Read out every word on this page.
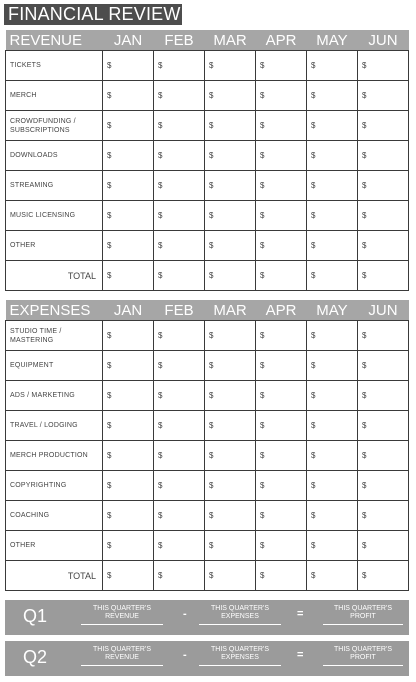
FINANCIAL REVIEW
REVENUE	JAN	FEB	MAR	APR	MAY	JUN
TICKETS	$	$	$	$	$	$
MERCH	$	$	$	$	$	$
CROWDFUNDING / SUBSCRIPTIONS	$	$	$	$	$	$
DOWNLOADS	$	$	$	$	$	$
STREAMING	$	$	$	$	$	$
MUSIC LICENSING	$	$	$	$	$	$
OTHER	$	$	$	$	$	$
TOTAL	$	$	$	$	$	$
EXPENSES	JAN	FEB	MAR	APR	MAY	JUN
STUDIO TIME / MASTERING	$	$	$	$	$	$
EQUIPMENT	$	$	$	$	$	$
ADS / MARKETING	$	$	$	$	$	$
TRAVEL / LODGING	$	$	$	$	$	$
MERCH PRODUCTION	$	$	$	$	$	$
COPYRIGHTING	$	$	$	$	$	$
COACHING	$	$	$	$	$	$
OTHER	$	$	$	$	$	$
TOTAL	$	$	$	$	$	$
Q1	THIS QUARTER'S REVENUE	-	THIS QUARTER'S EXPENSES	=	THIS QUARTER'S PROFIT
Q2	THIS QUARTER'S REVENUE	-	THIS QUARTER'S EXPENSES	=	THIS QUARTER'S PROFIT
